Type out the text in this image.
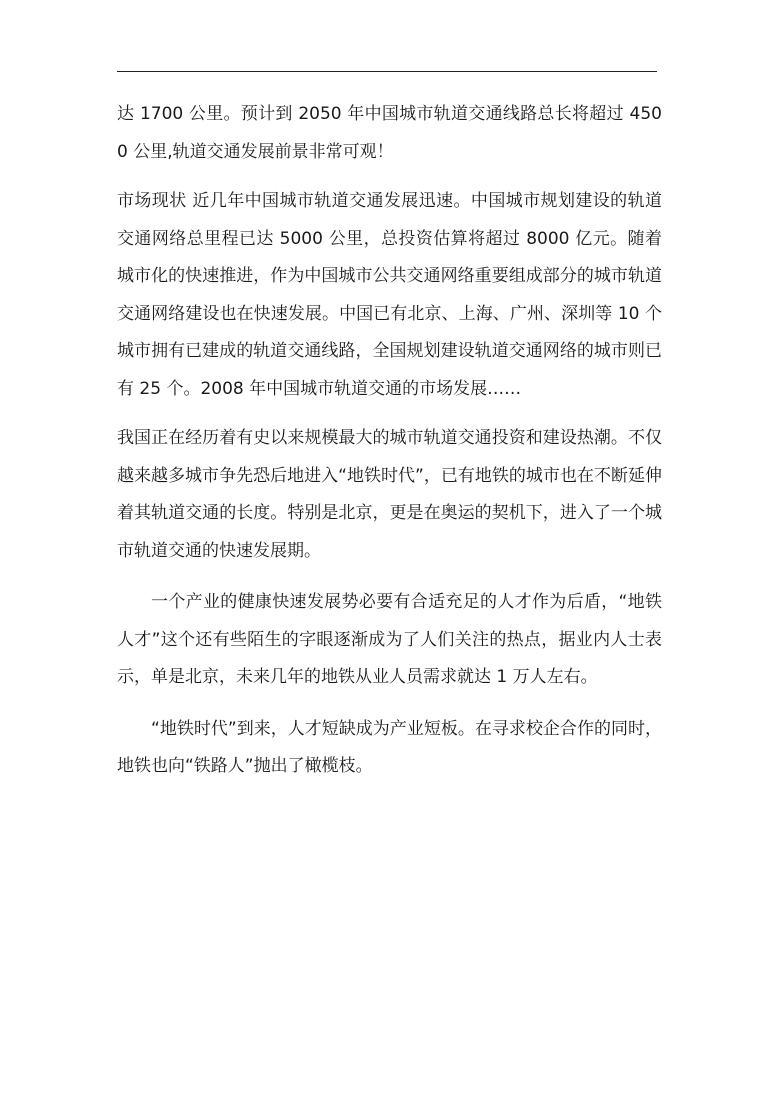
达 1700 公里。预计到 2050 年中国城市轨道交通线路总长将超过 4500 公里,轨道交通发展前景非常可观！

市场现状 近几年中国城市轨道交通发展迅速。中国城市规划建设的轨道交通网络总里程已达 5000 公里，总投资估算将超过 8000 亿元。随着城市化的快速推进，作为中国城市公共交通网络重要组成部分的城市轨道交通网络建设也在快速发展。中国已有北京、上海、广州、深圳等 10 个城市拥有已建成的轨道交通线路，全国规划建设轨道交通网络的城市则已有 25 个。2008 年中国城市轨道交通的市场发展……

我国正在经历着有史以来规模最大的城市轨道交通投资和建设热潮。不仅越来越多城市争先恐后地进入“地铁时代”，已有地铁的城市也在不断延伸着其轨道交通的长度。特别是北京，更是在奥运的契机下，进入了一个城市轨道交通的快速发展期。

一个产业的健康快速发展势必要有合适充足的人才作为后盾，“地铁人才”这个还有些陌生的字眼逐渐成为了人们关注的热点，据业内人士表示，单是北京，未来几年的地铁从业人员需求就达 1 万人左右。

“地铁时代”到来，人才短缺成为产业短板。在寻求校企合作的同时，地铁也向“铁路人”抛出了橄榄枝。
